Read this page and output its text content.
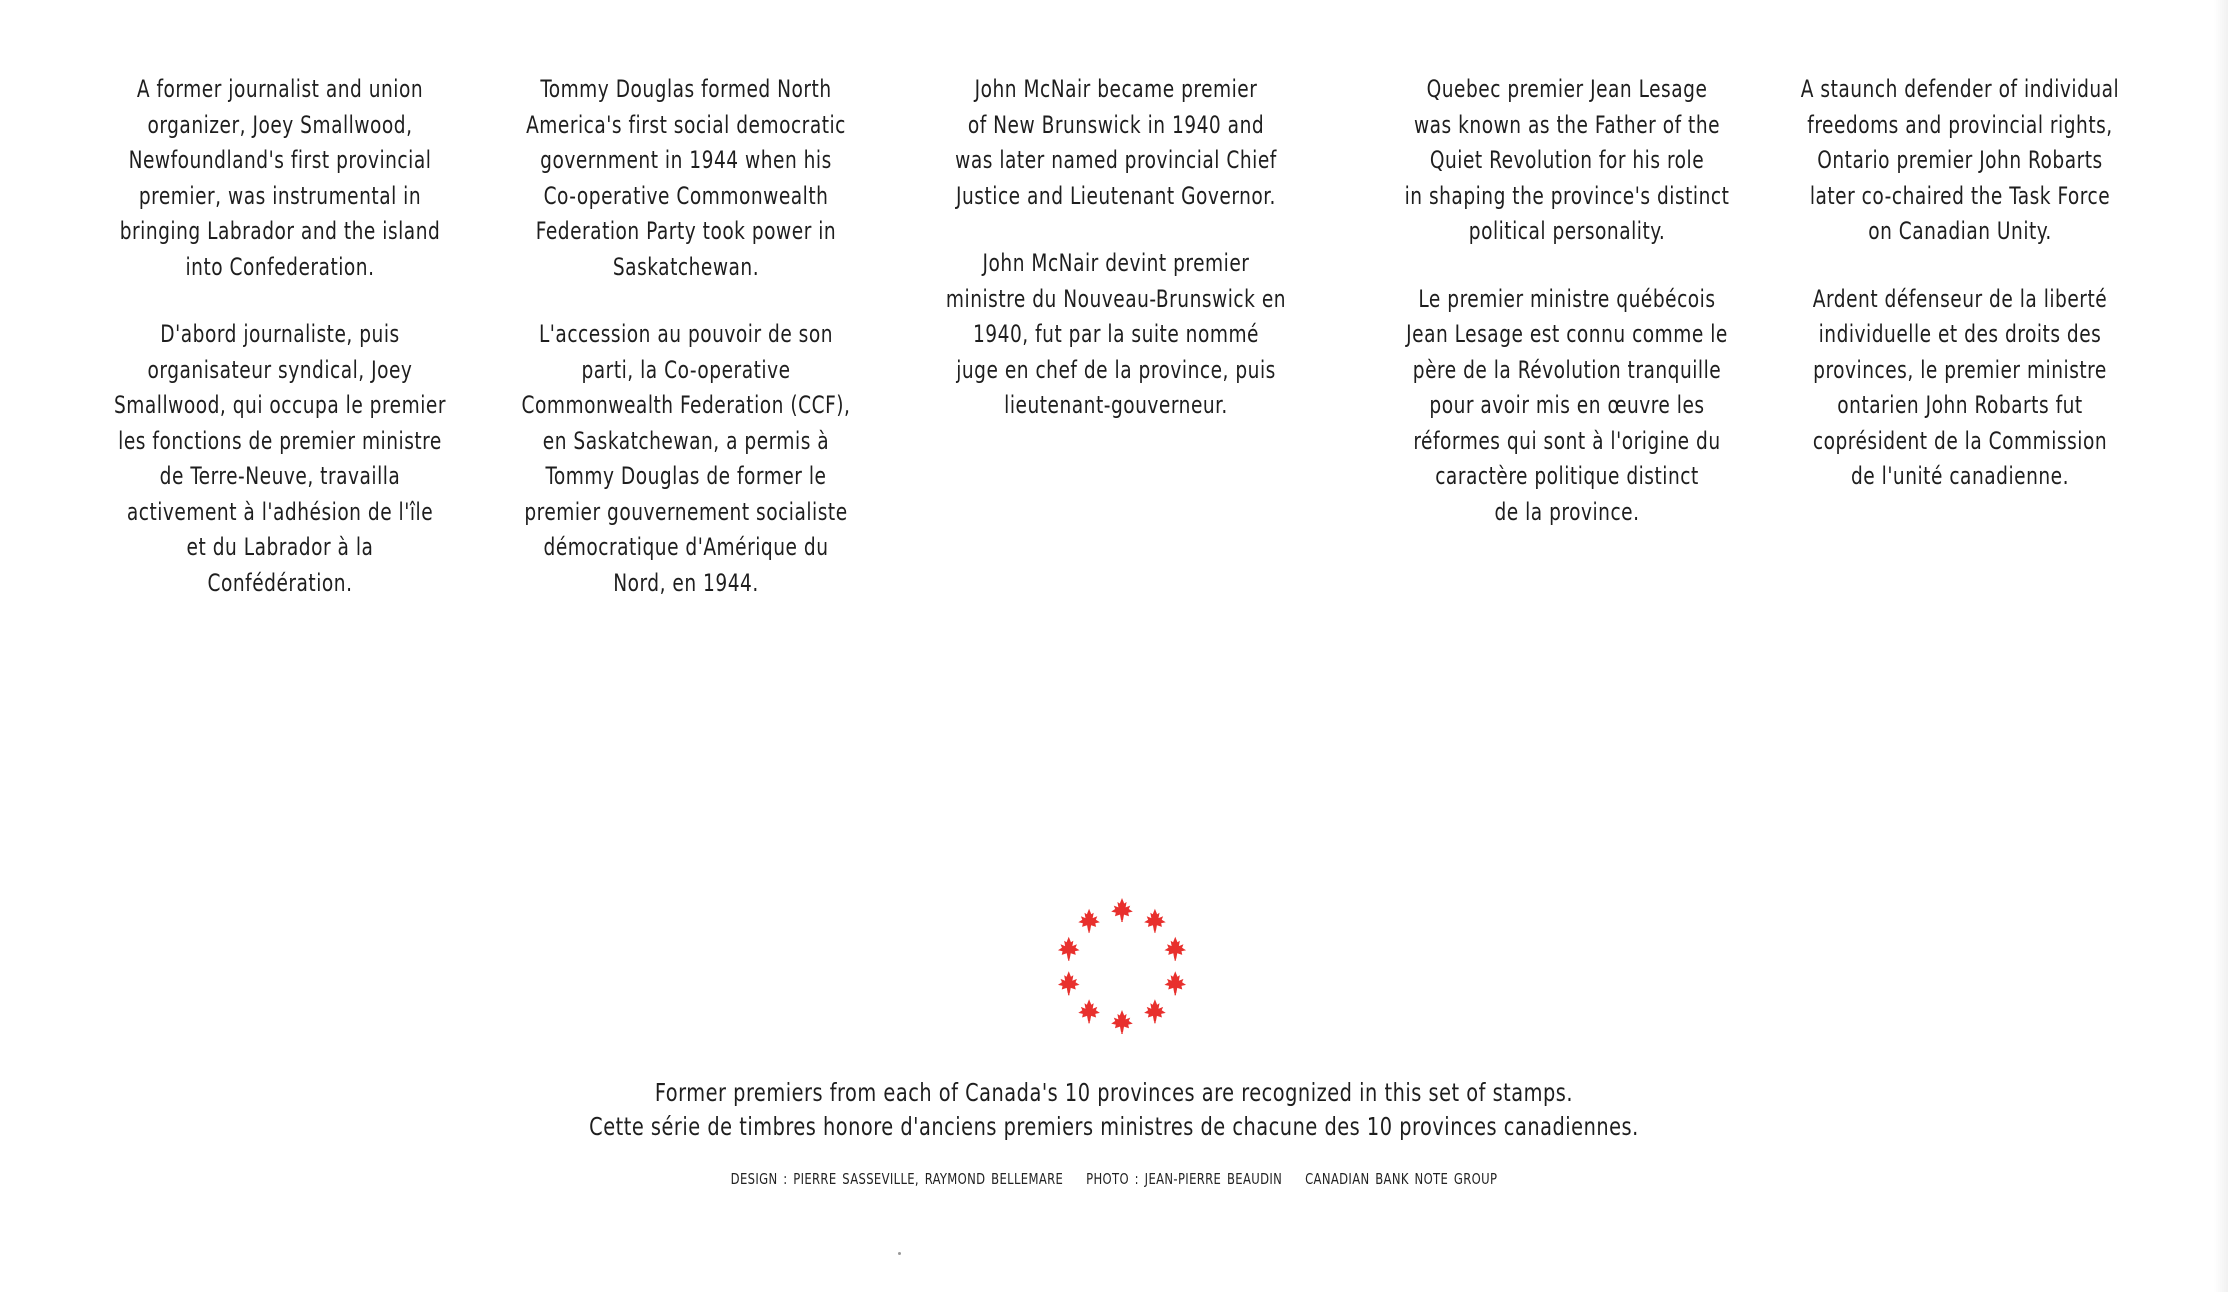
A former journalist and union
organizer, Joey Smallwood,
Newfoundland's first provincial
premier, was instrumental in
bringing Labrador and the island
into Confederation.

D'abord journaliste, puis
organisateur syndical, Joey
Smallwood, qui occupa le premier
les fonctions de premier ministre
de Terre-Neuve, travailla
activement à l'adhésion de l'île
et du Labrador à la
Confédération.

Tommy Douglas formed North
America's first social democratic
government in 1944 when his
Co-operative Commonwealth
Federation Party took power in
Saskatchewan.

L'accession au pouvoir de son
parti, la Co-operative
Commonwealth Federation (CCF),
en Saskatchewan, a permis à
Tommy Douglas de former le
premier gouvernement socialiste
démocratique d'Amérique du
Nord, en 1944.

John McNair became premier
of New Brunswick in 1940 and
was later named provincial Chief
Justice and Lieutenant Governor.

John McNair devint premier
ministre du Nouveau-Brunswick en
1940, fut par la suite nommé
juge en chef de la province, puis
lieutenant-gouverneur.

Quebec premier Jean Lesage
was known as the Father of the
Quiet Revolution for his role
in shaping the province's distinct
political personality.

Le premier ministre québécois
Jean Lesage est connu comme le
père de la Révolution tranquille
pour avoir mis en œuvre les
réformes qui sont à l'origine du
caractère politique distinct
de la province.

A staunch defender of individual
freedoms and provincial rights,
Ontario premier John Robarts
later co-chaired the Task Force
on Canadian Unity.

Ardent défenseur de la liberté
individuelle et des droits des
provinces, le premier ministre
ontarien John Robarts fut
coprésident de la Commission
de l'unité canadienne.

Former premiers from each of Canada's 10 provinces are recognized in this set of stamps.
Cette série de timbres honore d'anciens premiers ministres de chacune des 10 provinces canadiennes.
DESIGN : PIERRE SASSEVILLE, RAYMOND BELLEMARE PHOTO : JEAN-PIERRE BEAUDIN CANADIAN BANK NOTE GROUP
